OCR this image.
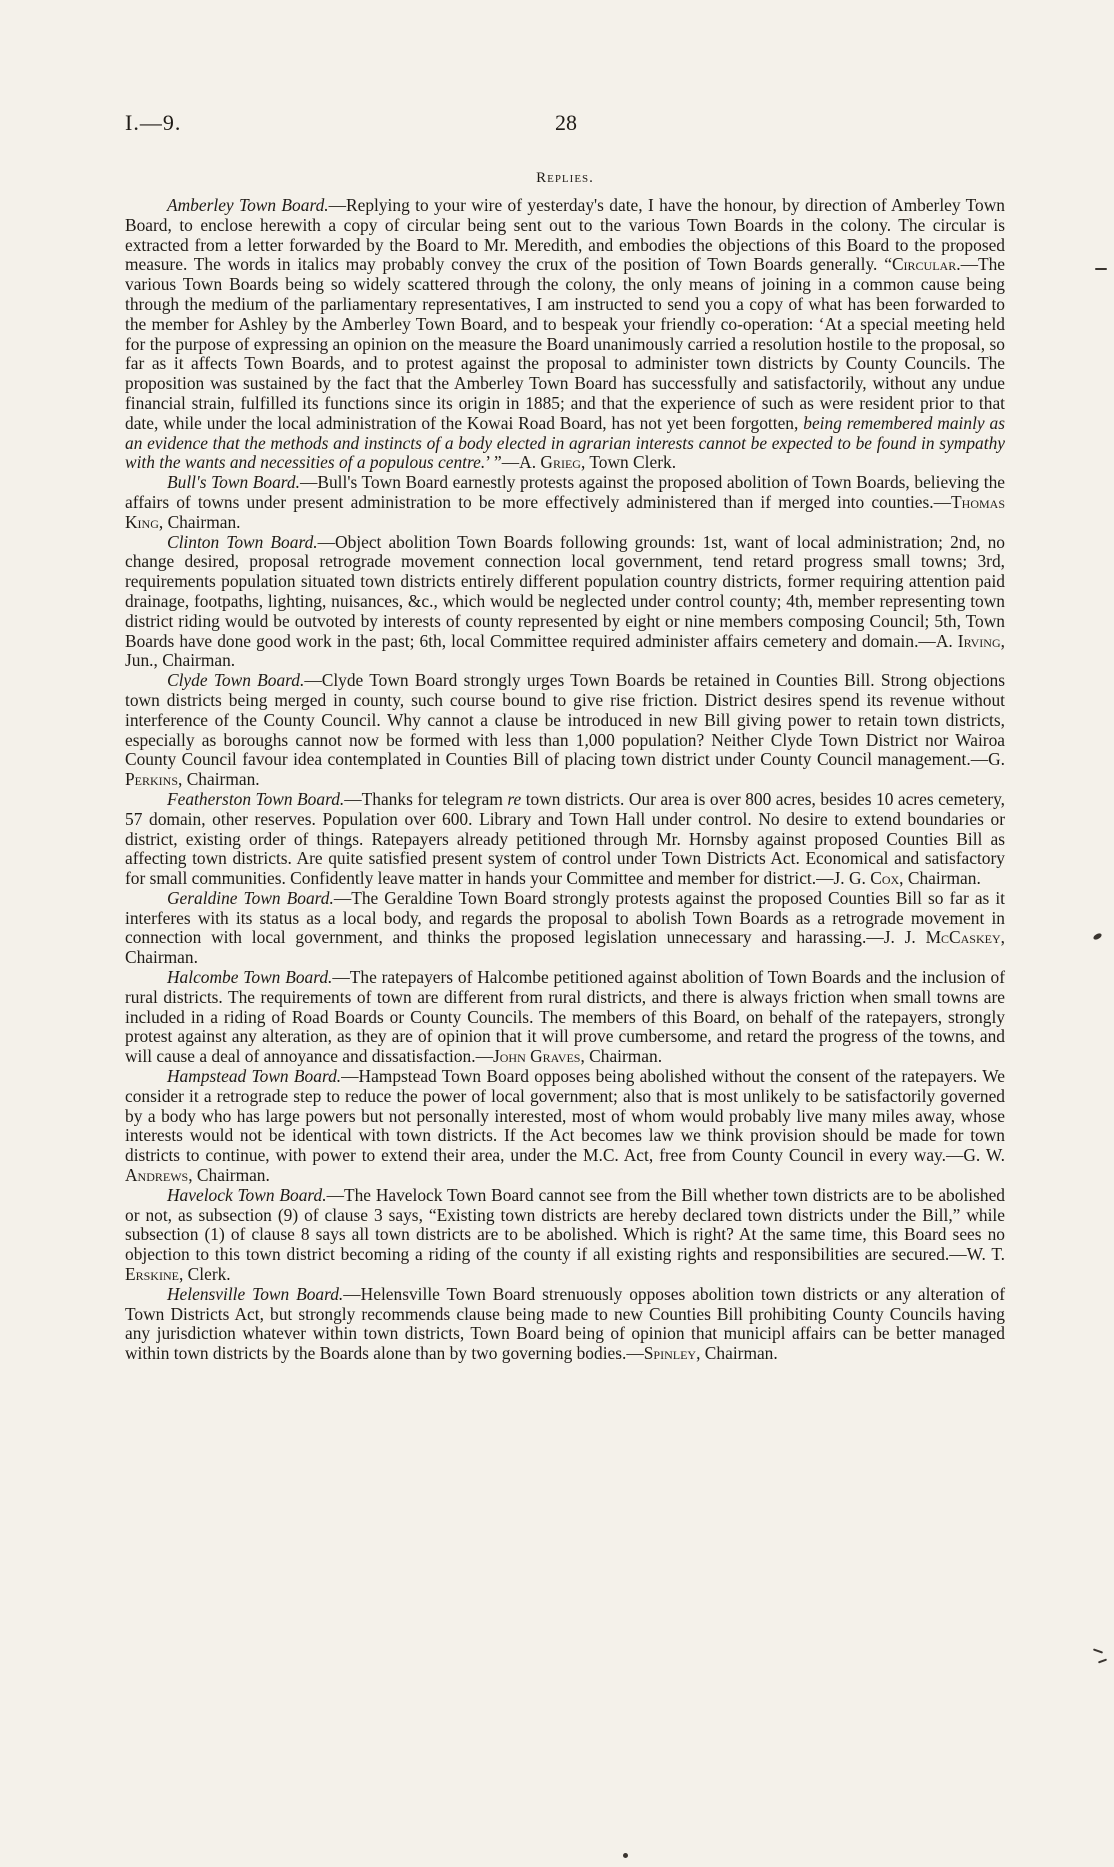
I.—9.	28
Replies.

Amberley Town Board.—Replying to your wire of yesterday's date, I have the honour, by direction of Amberley Town Board, to enclose herewith a copy of circular being sent out to the various Town Boards in the colony. The circular is extracted from a letter forwarded by the Board to Mr. Meredith, and embodies the objections of this Board to the proposed measure. The words in italics may probably convey the crux of the position of Town Boards generally. “Circular.—The various Town Boards being so widely scattered through the colony, the only means of joining in a common cause being through the medium of the parliamentary representatives, I am instructed to send you a copy of what has been forwarded to the member for Ashley by the Amberley Town Board, and to bespeak your friendly co-operation: ‘At a special meeting held for the purpose of expressing an opinion on the measure the Board unanimously carried a resolution hostile to the proposal, so far as it affects Town Boards, and to protest against the proposal to administer town districts by County Councils. The proposition was sustained by the fact that the Amberley Town Board has successfully and satisfactorily, without any undue financial strain, fulfilled its functions since its origin in 1885; and that the experience of such as were resident prior to that date, while under the local administration of the Kowai Road Board, has not yet been forgotten, being remembered mainly as an evidence that the methods and instincts of a body elected in agrarian interests cannot be expected to be found in sympathy with the wants and necessities of a populous centre.’ ”—A. Grieg, Town Clerk.

Bull's Town Board.—Bull's Town Board earnestly protests against the proposed abolition of Town Boards, believing the affairs of towns under present administration to be more effectively administered than if merged into counties.—Thomas King, Chairman.

Clinton Town Board.—Object abolition Town Boards following grounds: 1st, want of local administration; 2nd, no change desired, proposal retrograde movement connection local government, tend retard progress small towns; 3rd, requirements population situated town districts entirely different population country districts, former requiring attention paid drainage, footpaths, lighting, nuisances, &c., which would be neglected under control county; 4th, member representing town district riding would be outvoted by interests of county represented by eight or nine members composing Council; 5th, Town Boards have done good work in the past; 6th, local Committee required administer affairs cemetery and domain.—A. Irving, Jun., Chairman.

Clyde Town Board.—Clyde Town Board strongly urges Town Boards be retained in Counties Bill. Strong objections town districts being merged in county, such course bound to give rise friction. District desires spend its revenue without interference of the County Council. Why cannot a clause be introduced in new Bill giving power to retain town districts, especially as boroughs cannot now be formed with less than 1,000 population? Neither Clyde Town District nor Wairoa County Council favour idea contemplated in Counties Bill of placing town district under County Council management.—G. Perkins, Chairman.

Featherston Town Board.—Thanks for telegram re town districts. Our area is over 800 acres, besides 10 acres cemetery, 57 domain, other reserves. Population over 600. Library and Town Hall under control. No desire to extend boundaries or district, existing order of things. Ratepayers already petitioned through Mr. Hornsby against proposed Counties Bill as affecting town districts. Are quite satisfied present system of control under Town Districts Act. Economical and satisfactory for small communities. Confidently leave matter in hands your Committee and member for district.—J. G. Cox, Chairman.

Geraldine Town Board.—The Geraldine Town Board strongly protests against the proposed Counties Bill so far as it interferes with its status as a local body, and regards the proposal to abolish Town Boards as a retrograde movement in connection with local government, and thinks the proposed legislation unnecessary and harassing.—J. J. McCaskey, Chairman.

Halcombe Town Board.—The ratepayers of Halcombe petitioned against abolition of Town Boards and the inclusion of rural districts. The requirements of town are different from rural districts, and there is always friction when small towns are included in a riding of Road Boards or County Councils. The members of this Board, on behalf of the ratepayers, strongly protest against any alteration, as they are of opinion that it will prove cumbersome, and retard the progress of the towns, and will cause a deal of annoyance and dissatisfaction.—John Graves, Chairman.

Hampstead Town Board.—Hampstead Town Board opposes being abolished without the consent of the ratepayers. We consider it a retrograde step to reduce the power of local government; also that is most unlikely to be satisfactorily governed by a body who has large powers but not personally interested, most of whom would probably live many miles away, whose interests would not be identical with town districts. If the Act becomes law we think provision should be made for town districts to continue, with power to extend their area, under the M.C. Act, free from County Council in every way.—G. W. Andrews, Chairman.

Havelock Town Board.—The Havelock Town Board cannot see from the Bill whether town districts are to be abolished or not, as subsection (9) of clause 3 says, “Existing town districts are hereby declared town districts under the Bill,” while subsection (1) of clause 8 says all town districts are to be abolished. Which is right? At the same time, this Board sees no objection to this town district becoming a riding of the county if all existing rights and responsibilities are secured.—W. T. Erskine, Clerk.

Helensville Town Board.—Helensville Town Board strenuously opposes abolition town districts or any alteration of Town Districts Act, but strongly recommends clause being made to new Counties Bill prohibiting County Councils having any jurisdiction whatever within town districts, Town Board being of opinion that municipl affairs can be better managed within town districts by the Boards alone than by two governing bodies.—Spinley, Chairman.
